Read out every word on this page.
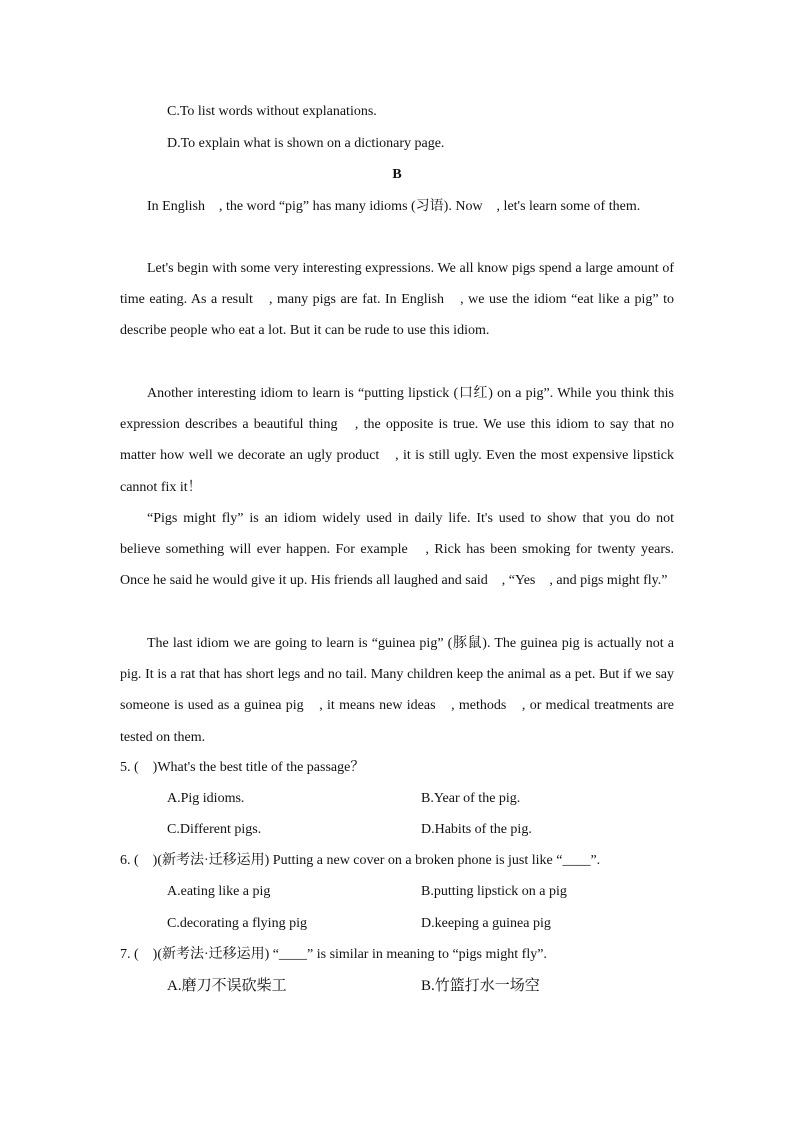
C.To list words without explanations.
D.To explain what is shown on a dictionary page.
B
In English　, the word “pig” has many idioms (习语). Now　, let's learn some of them.
Let's begin with some very interesting expressions. We all know pigs spend a large amount of time eating. As a result　, many pigs are fat. In English　, we use the idiom “eat like a pig” to describe people who eat a lot. But it can be rude to use this idiom.
Another interesting idiom to learn is “putting lipstick (口红) on a pig”. While you think this expression describes a beautiful thing　, the opposite is true. We use this idiom to say that no matter how well we decorate an ugly product　, it is still ugly. Even the most expensive lipstick cannot fix it！
“Pigs might fly” is an idiom widely used in daily life. It's used to show that you do not believe something will ever happen. For example　, Rick has been smoking for twenty years. Once he said he would give it up. His friends all laughed and said　, “Yes　, and pigs might fly.”
The last idiom we are going to learn is “guinea pig” (豚鼠). The guinea pig is actually not a pig. It is a rat that has short legs and no tail. Many children keep the animal as a pet. But if we say someone is used as a guinea pig　, it means new ideas　, methods　, or medical treatments are tested on them.
5. (　)What's the best title of the passage？
A.Pig idioms.	B.Year of the pig.
C.Different pigs.	D.Habits of the pig.
6. (　)(新考法·迁移运用) Putting a new cover on a broken phone is just like “____”.
A.eating like a pig	B.putting lipstick on a pig
C.decorating a flying pig	D.keeping a guinea pig
7. (　)(新考法·迁移运用) “____” is similar in meaning to “pigs might fly”.
A.磨刀不误砍柴工	B.竹篮打水一场空
